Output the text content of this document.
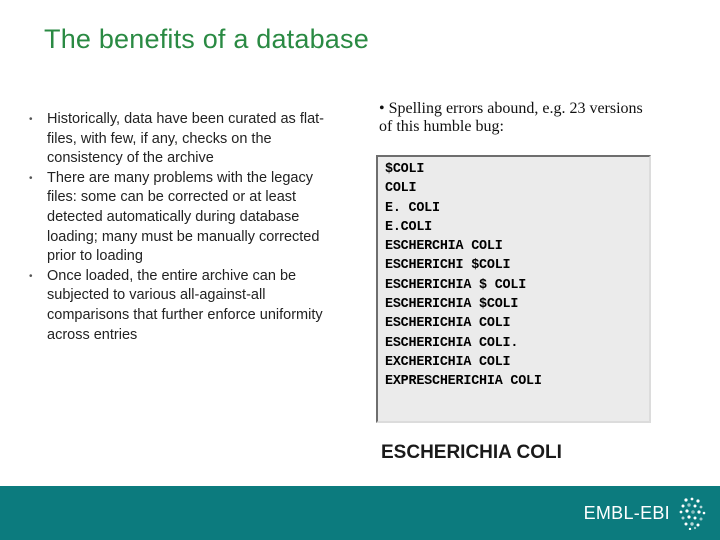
The benefits of a database
• Historically, data have been curated as flat-files, with few, if any, checks on the consistency of the archive
• There are many problems with the legacy files: some can be corrected or at least detected automatically during database loading; many must be manually corrected prior to loading
• Once loaded, the entire archive can be subjected to various all-against-all comparisons that further enforce uniformity across entries

• Spelling errors abound, e.g. 23 versions of this humble bug:

$COLI
COLI
E. COLI
E.COLI
ESCHERCHIA COLI
ESCHERICHI $COLI
ESCHERICHIA $ COLI
ESCHERICHIA $COLI
ESCHERICHIA COLI
ESCHERICHIA COLI.
EXCHERICHIA COLI
EXPRESCHERICHIA COLI

ESCHERICHIA COLI

EMBL-EBI
